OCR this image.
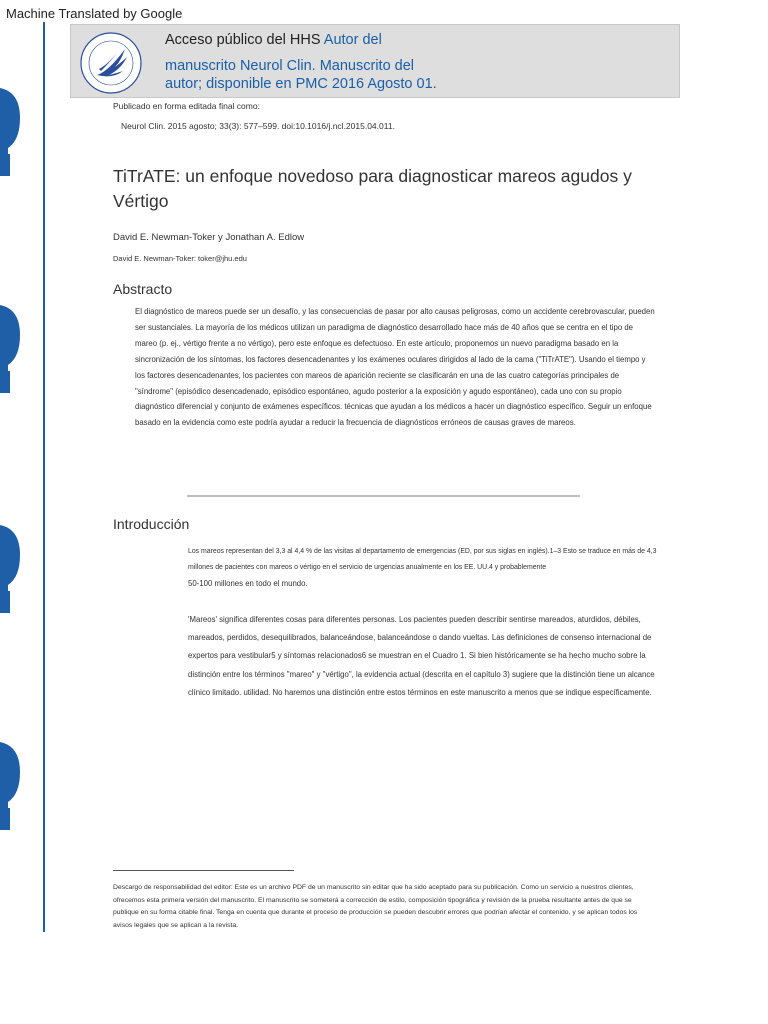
Machine Translated by Google
Acceso público del HHS Autor del
manuscrito Neurol Clin. Manuscrito del
autor; disponible en PMC 2016 Agosto 01.
Publicado en forma editada final como:
Neurol Clin. 2015 agosto; 33(3): 577–599. doi:10.1016/j.ncl.2015.04.011.
TiTrATE: un enfoque novedoso para diagnosticar mareos agudos y Vértigo
David E. Newman-Toker y Jonathan A. Edlow
David E. Newman-Toker: toker@jhu.edu
Abstracto

El diagnóstico de mareos puede ser un desafío, y las consecuencias de pasar por alto causas peligrosas, como un accidente cerebrovascular, pueden ser sustanciales. La mayoría de los médicos utilizan un paradigma de diagnóstico desarrollado hace más de 40 años que se centra en el tipo de mareo (p. ej., vértigo frente a no vértigo), pero este enfoque es defectuoso. En este artículo, proponemos un nuevo paradigma basado en la sincronización de los síntomas, los factores desencadenantes y los exámenes oculares dirigidos al lado de la cama ("TiTrATE"). Usando el tiempo y los factores desencadenantes, los pacientes con mareos de aparición reciente se clasificarán en una de las cuatro categorías principales de "síndrome" (episódico desencadenado, episódico espontáneo, agudo posterior a la exposición y agudo espontáneo), cada uno con su propio diagnóstico diferencial y conjunto de exámenes específicos. técnicas que ayudan a los médicos a hacer un diagnóstico específico. Seguir un enfoque basado en la evidencia como este podría ayudar a reducir la frecuencia de diagnósticos erróneos de causas graves de mareos.

Introducción

Los mareos representan del 3,3 al 4,4 % de las visitas al departamento de emergencias (ED, por sus siglas en inglés).1–3 Esto se traduce en más de 4,3 millones de pacientes con mareos o vértigo en el servicio de urgencias anualmente en los EE. UU.4 y probablemente
50-100 millones en todo el mundo.

'Mareos' significa diferentes cosas para diferentes personas. Los pacientes pueden describir sentirse mareados, aturdidos, débiles, mareados, perdidos, desequilibrados, balanceándose, balanceándose o dando vueltas. Las definiciones de consenso internacional de expertos para vestibular5 y síntomas relacionados6 se muestran en el Cuadro 1. Si bien históricamente se ha hecho mucho sobre la distinción entre los términos "mareo" y "vértigo", la evidencia actual (descrita en el capítulo 3) sugiere que la distinción tiene un alcance clínico limitado. utilidad. No haremos una distinción entre estos términos en este manuscrito a menos que se indique específicamente.

Descargo de responsabilidad del editor: Este es un archivo PDF de un manuscrito sin editar que ha sido aceptado para su publicación. Como un servicio a nuestros clientes, ofrecemos esta primera versión del manuscrito. El manuscrito se someterá a corrección de estilo, composición tipográfica y revisión de la prueba resultante antes de que se publique en su forma citable final. Tenga en cuenta que durante el proceso de producción se pueden descubrir errores que podrían afectar el contenido, y se aplican todos los avisos legales que se aplican a la revista.
